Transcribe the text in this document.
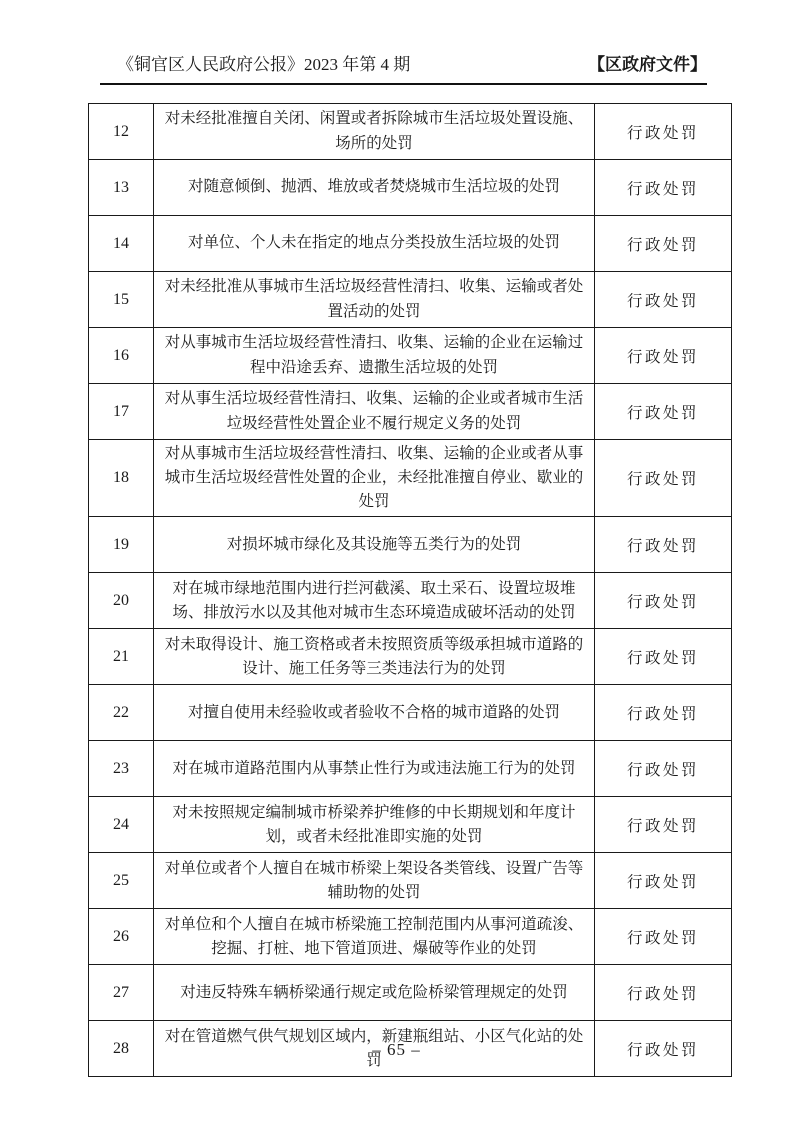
《铜官区人民政府公报》2023 年第 4 期	【区政府文件】
12	对未经批准擅自关闭、闲置或者拆除城市生活垃圾处置设施、场所的处罚	行政处罚
13	对随意倾倒、抛洒、堆放或者焚烧城市生活垃圾的处罚	行政处罚
14	对单位、个人未在指定的地点分类投放生活垃圾的处罚	行政处罚
15	对未经批准从事城市生活垃圾经营性清扫、收集、运输或者处置活动的处罚	行政处罚
16	对从事城市生活垃圾经营性清扫、收集、运输的企业在运输过程中沿途丢弃、遗撒生活垃圾的处罚	行政处罚
17	对从事生活垃圾经营性清扫、收集、运输的企业或者城市生活垃圾经营性处置企业不履行规定义务的处罚	行政处罚
18	对从事城市生活垃圾经营性清扫、收集、运输的企业或者从事城市生活垃圾经营性处置的企业，未经批准擅自停业、歇业的处罚	行政处罚
19	对损坏城市绿化及其设施等五类行为的处罚	行政处罚
20	对在城市绿地范围内进行拦河截溪、取土采石、设置垃圾堆场、排放污水以及其他对城市生态环境造成破坏活动的处罚	行政处罚
21	对未取得设计、施工资格或者未按照资质等级承担城市道路的设计、施工任务等三类违法行为的处罚	行政处罚
22	对擅自使用未经验收或者验收不合格的城市道路的处罚	行政处罚
23	对在城市道路范围内从事禁止性行为或违法施工行为的处罚	行政处罚
24	对未按照规定编制城市桥梁养护维修的中长期规划和年度计划，或者未经批准即实施的处罚	行政处罚
25	对单位或者个人擅自在城市桥梁上架设各类管线、设置广告等辅助物的处罚	行政处罚
26	对单位和个人擅自在城市桥梁施工控制范围内从事河道疏浚、挖掘、打桩、地下管道顶进、爆破等作业的处罚	行政处罚
27	对违反特殊车辆桥梁通行规定或危险桥梁管理规定的处罚	行政处罚
28	对在管道燃气供气规划区域内，新建瓶组站、小区气化站的处罚	行政处罚
– 65 –
